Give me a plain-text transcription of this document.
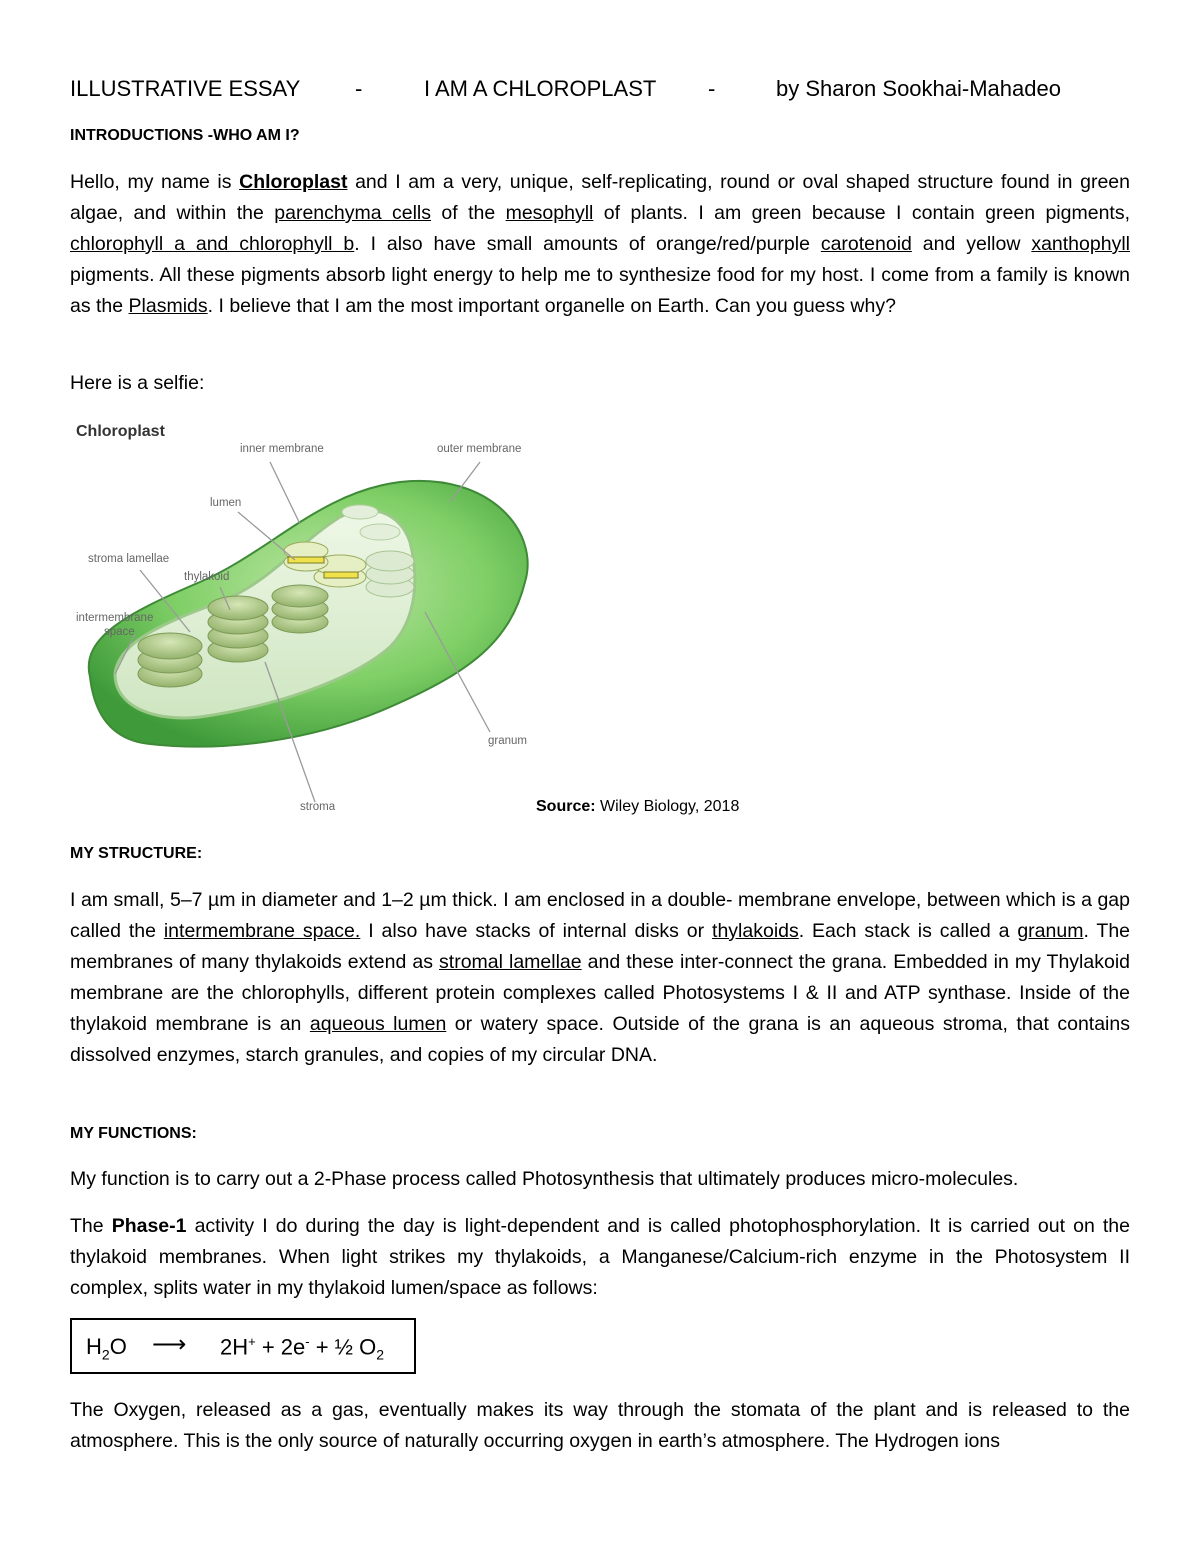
ILLUSTRATIVE ESSAY -	I AM A CHLOROPLAST -	by Sharon Sookhai-Mahadeo
INTRODUCTIONS -WHO AM I?
Hello, my name is Chloroplast and I am a very, unique, self-replicating, round or oval shaped structure found in green algae, and within the parenchyma cells of the mesophyll of plants. I am green because I contain green pigments, chlorophyll a and chlorophyll b. I also have small amounts of orange/red/purple carotenoid and yellow xanthophyll pigments. All these pigments absorb light energy to help me to synthesize food for my host. I come from a family is known as the Plasmids. I believe that I am the most important organelle on Earth. Can you guess why?
Here is a selfie:
Chloroplast
inner membrane	outer membrane
lumen
stroma lamellae
thylakoid
intermembrane
space
granum
stroma	Source: Wiley Biology, 2018
MY STRUCTURE:
I am small, 5–7 µm in diameter and 1–2 µm thick. I am enclosed in a double- membrane envelope, between which is a gap called the intermembrane space. I also have stacks of internal disks or thylakoids. Each stack is called a granum. The membranes of many thylakoids extend as stromal lamellae and these inter-connect the grana. Embedded in my Thylakoid membrane are the chlorophylls, different protein complexes called Photosystems I & II and ATP synthase. Inside of the thylakoid membrane is an aqueous lumen or watery space. Outside of the grana is an aqueous stroma, that contains dissolved enzymes, starch granules, and copies of my circular DNA.
MY FUNCTIONS:
My function is to carry out a 2-Phase process called Photosynthesis that ultimately produces micro-molecules.
The Phase-1 activity I do during the day is light-dependent and is called photophosphorylation. It is carried out on the thylakoid membranes. When light strikes my thylakoids, a Manganese/Calcium-rich enzyme in the Photosystem II complex, splits water in my thylakoid lumen/space as follows:
The Oxygen, released as a gas, eventually makes its way through the stomata of the plant and is released to the atmosphere. This is the only source of naturally occurring oxygen in earth’s atmosphere. The Hydrogen ions
$H_2O$ ⟶ 2H+ + 2e- + ½ $O_2$
